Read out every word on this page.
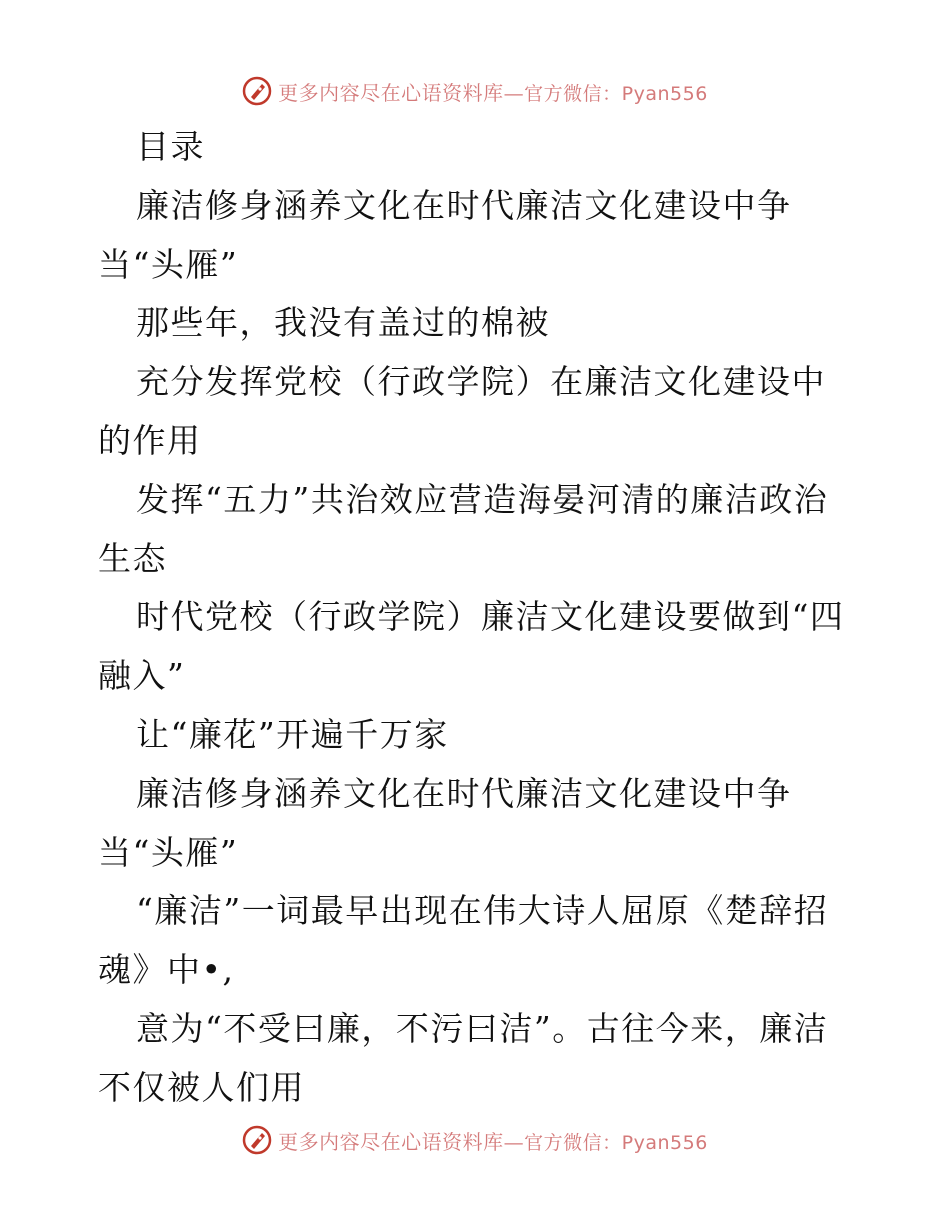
更多内容尽在心语资料库—官方微信：Pyan556

目录

廉洁修身涵养文化在时代廉洁文化建设中争当“头雁”

那些年，我没有盖过的棉被

充分发挥党校（行政学院）在廉洁文化建设中的作用

发挥“五力”共治效应营造海晏河清的廉洁政治生态

时代党校（行政学院）廉洁文化建设要做到“四融入”

让“廉花”开遍千万家

廉洁修身涵养文化在时代廉洁文化建设中争当“头雁”

“廉洁”一词最早出现在伟大诗人屈原《楚辞招魂》中•,

意为“不受曰廉，不污曰洁”。古往今来，廉洁不仅被人们用

更多内容尽在心语资料库—官方微信：Pyan556
